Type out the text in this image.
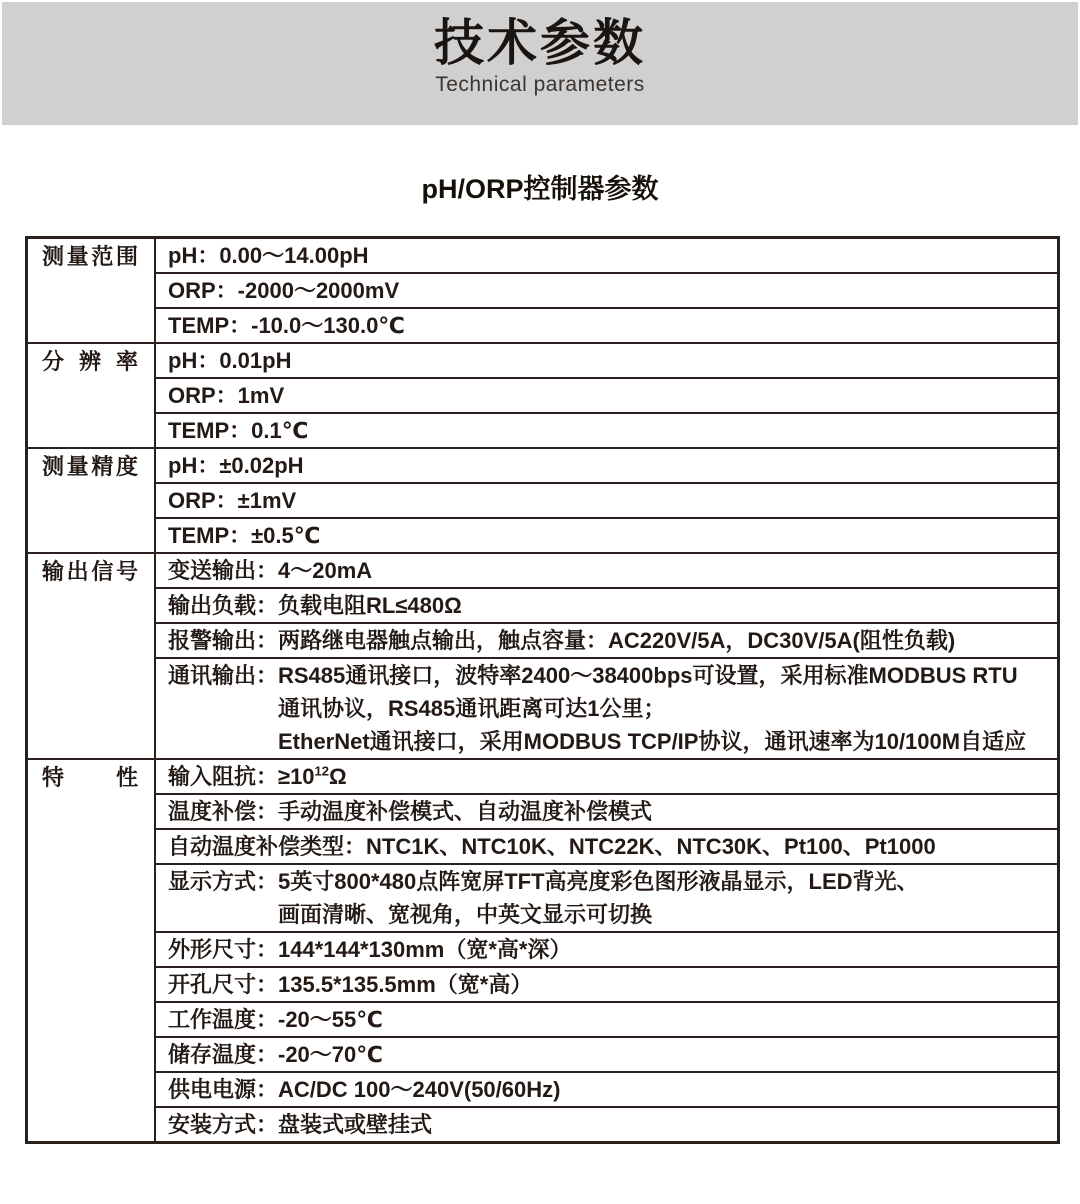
技术参数
Technical parameters
pH/ORP控制器参数
测量范围	pH：0.00～14.00pH
ORP：-2000～2000mV
TEMP：-10.0～130.0℃
分辨率	pH：0.01pH
ORP：1mV
TEMP：0.1℃
测量精度	pH：±0.02pH
ORP：±1mV
TEMP：±0.5℃
输出信号	变送输出：4～20mA
输出负载：负载电阻RL≤480Ω
报警输出：两路继电器触点输出，触点容量：AC220V/5A，DC30V/5A(阻性负载)
通讯输出：RS485通讯接口，波特率2400～38400bps可设置，采用标准MODBUS RTU
通讯协议，RS485通讯距离可达1公里；
EtherNet通讯接口，采用MODBUS TCP/IP协议，通讯速率为10/100M自适应
特性	输入阻抗：$\ge 10^{12}\Omega$
温度补偿：手动温度补偿模式、自动温度补偿模式
自动温度补偿类型：NTC1K、NTC10K、NTC22K、NTC30K、Pt100、Pt1000
显示方式：5英寸800*480点阵宽屏TFT高亮度彩色图形液晶显示，LED背光、
画面清晰、宽视角，中英文显示可切换
外形尺寸：144*144*130mm（宽*高*深）
开孔尺寸：135.5*135.5mm（宽*高）
工作温度：-20～55℃
储存温度：-20～70℃
供电电源：AC/DC 100～240V(50/60Hz)
安装方式：盘装式或壁挂式
